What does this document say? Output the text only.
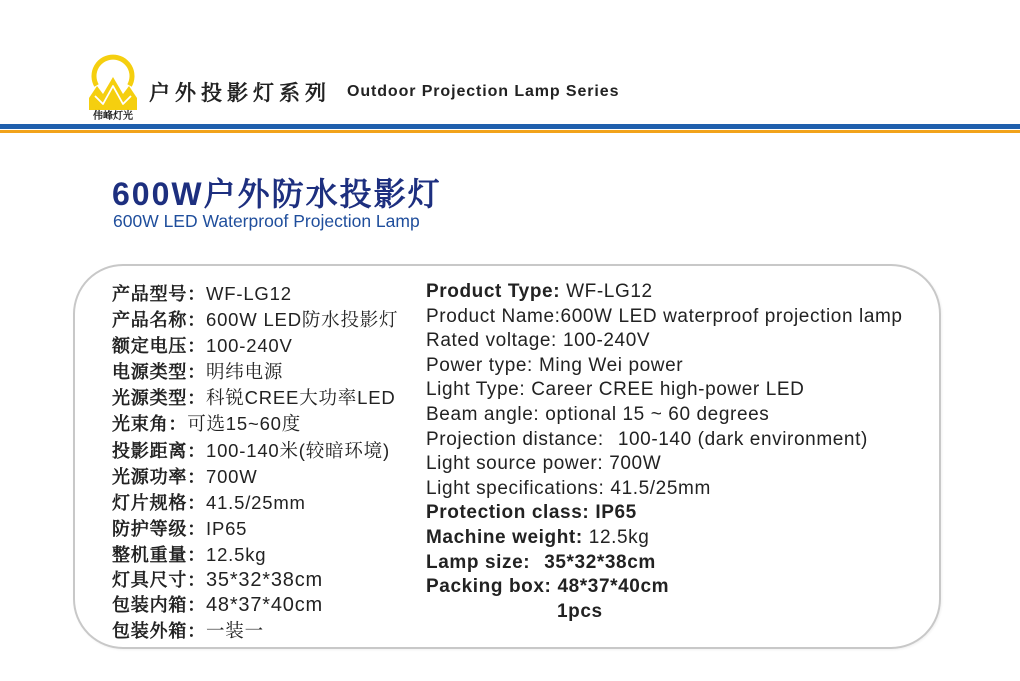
伟峰灯光
户外投影灯系列 Outdoor Projection Lamp Series
600W户外防水投影灯
600W LED Waterproof Projection Lamp
产品型号：WF-LG12
产品名称：600W LED防水投影灯
额定电压：100-240V
电源类型：明纬电源
光源类型：科锐CREE大功率LED
光束角：可选15~60度
投影距离：100-140米(较暗环境)
光源功率：700W
灯片规格：41.5/25mm
防护等级：IP65
整机重量：12.5kg
灯具尺寸：35*32*38cm
包装内箱：48*37*40cm
包装外箱：一装一
Product Type: WF-LG12
Product Name:600W LED waterproof projection lamp
Rated voltage: 100-240V
Power type: Ming Wei power
Light Type: Career CREE high-power LED
Beam angle: optional 15 ~ 60 degrees
Projection distance: 100-140 (dark environment)
Light source power: 700W
Light specifications: 41.5/25mm
Protection class: IP65
Machine weight: 12.5kg
Lamp size: 35*32*38cm
Packing box: 48*37*40cm
1pcs
